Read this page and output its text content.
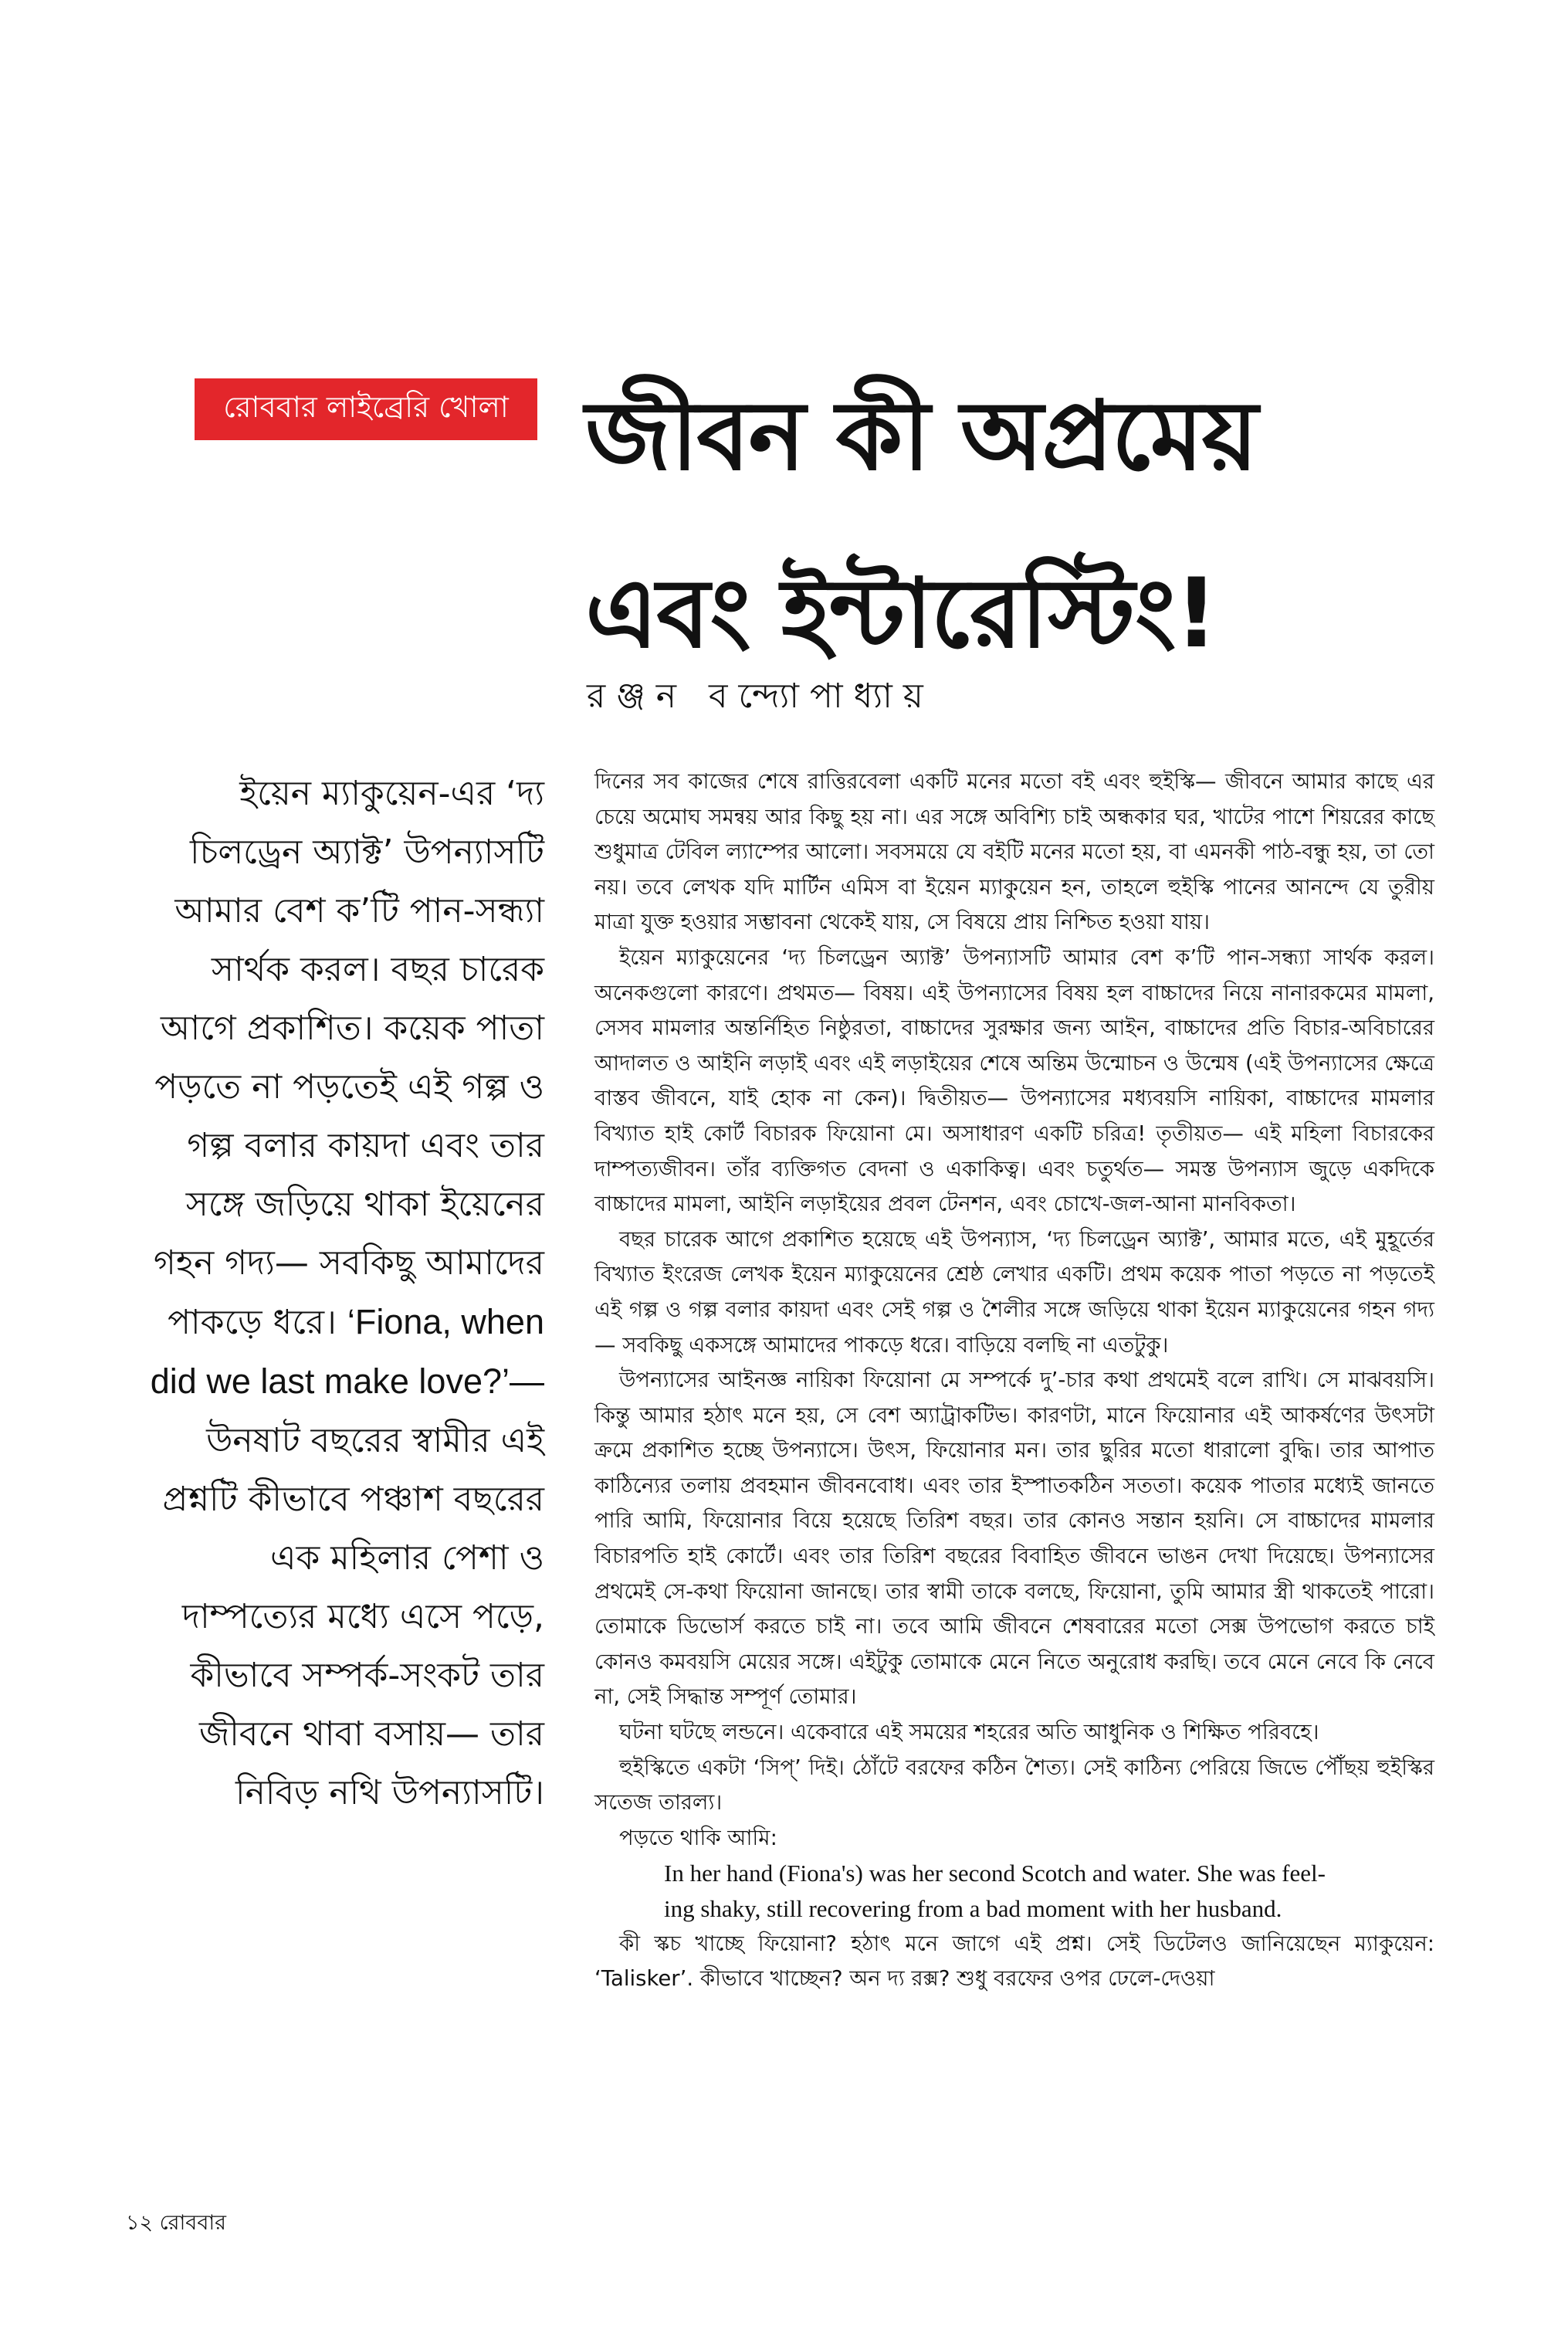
রোববার লাইব্রেরি খোলা জীবন কী অপ্রমেয়
এবং ইন্টারেস্টিং!
রঞ্জন বন্দ্যোপাধ্যায়
ইয়েন ম্যাকুয়েন-এর ‘দ্য চিলড্রেন অ্যাক্ট’ উপন্যাসটি আমার বেশ ক’টি পান-সন্ধ্যা সার্থক করল। বছর চারেক আগে প্রকাশিত। কয়েক পাতা পড়তে না পড়তেই এই গল্প ও গল্প বলার কায়দা এবং তার সঙ্গে জড়িয়ে থাকা ইয়েনের গহন গদ্য— সবকিছু আমাদের পাকড়ে ধরে। ‘Fiona, when did we last make love?’— উনষাট বছরের স্বামীর এই প্রশ্নটি কীভাবে পঞ্চাশ বছরের এক মহিলার পেশা ও দাম্পত্যের মধ্যে এসে পড়ে, কীভাবে সম্পর্ক-সংকট তার জীবনে থাবা বসায়— তার নিবিড় নথি উপন্যাসটি।

দিনের সব কাজের শেষে রাত্তিরবেলা একটি মনের মতো বই এবং হুইস্কি— জীবনে আমার কাছে এর চেয়ে অমোঘ সমন্বয় আর কিছু হয় না। এর সঙ্গে অবিশ্যি চাই অন্ধকার ঘর, খাটের পাশে শিয়রের কাছে শুধুমাত্র টেবিল ল্যাম্পের আলো। সবসময়ে যে বইটি মনের মতো হয়, বা এমনকী পাঠ-বন্ধু হয়, তা তো নয়। তবে লেখক যদি মার্টিন এমিস বা ইয়েন ম্যাকুয়েন হন, তাহলে হুইস্কি পানের আনন্দে যে তুরীয় মাত্রা যুক্ত হওয়ার সম্ভাবনা থেকেই যায়, সে বিষয়ে প্রায় নিশ্চিত হওয়া যায়।

ইয়েন ম্যাকুয়েনের ‘দ্য চিলড্রেন অ্যাক্ট’ উপন্যাসটি আমার বেশ ক’টি পান-সন্ধ্যা সার্থক করল। অনেকগুলো কারণে। প্রথমত— বিষয়। এই উপন্যাসের বিষয় হল বাচ্চাদের নিয়ে নানারকমের মামলা, সেসব মামলার অন্তর্নিহিত নিষ্ঠুরতা, বাচ্চাদের সুরক্ষার জন্য আইন, বাচ্চাদের প্রতি বিচার-অবিচারের আদালত ও আইনি লড়াই এবং এই লড়াইয়ের শেষে অন্তিম উন্মোচন ও উন্মেষ (এই উপন্যাসের ক্ষেত্রে বাস্তব জীবনে, যাই হোক না কেন)। দ্বিতীয়ত— উপন্যাসের মধ্যবয়সি নায়িকা, বাচ্চাদের মামলার বিখ্যাত হাই কোর্ট বিচারক ফিয়োনা মে। অসাধারণ একটি চরিত্র! তৃতীয়ত— এই মহিলা বিচারকের দাম্পত্যজীবন। তাঁর ব্যক্তিগত বেদনা ও একাকিত্ব। এবং চতুর্থত— সমস্ত উপন্যাস জুড়ে একদিকে বাচ্চাদের মামলা, আইনি লড়াইয়ের প্রবল টেনশন, এবং চোখে-জল-আনা মানবিকতা।

বছর চারেক আগে প্রকাশিত হয়েছে এই উপন্যাস, ‘দ্য চিলড্রেন অ্যাক্ট’, আমার মতে, এই মুহূর্তের বিখ্যাত ইংরেজ লেখক ইয়েন ম্যাকুয়েনের শ্রেষ্ঠ লেখার একটি। প্রথম কয়েক পাতা পড়তে না পড়তেই এই গল্প ও গল্প বলার কায়দা এবং সেই গল্প ও শৈলীর সঙ্গে জড়িয়ে থাকা ইয়েন ম্যাকুয়েনের গহন গদ্য— সবকিছু একসঙ্গে আমাদের পাকড়ে ধরে। বাড়িয়ে বলছি না এতটুকু।

উপন্যাসের আইনজ্ঞ নায়িকা ফিয়োনা মে সম্পর্কে দু’-চার কথা প্রথমেই বলে রাখি। সে মাঝবয়সি। কিন্তু আমার হঠাৎ মনে হয়, সে বেশ অ্যাট্রাকটিভ। কারণটা, মানে ফিয়োনার এই আকর্ষণের উৎসটা ক্রমে প্রকাশিত হচ্ছে উপন্যাসে। উৎস, ফিয়োনার মন। তার ছুরির মতো ধারালো বুদ্ধি। তার আপাত কাঠিন্যের তলায় প্রবহমান জীবনবোধ। এবং তার ইস্পাতকঠিন সততা। কয়েক পাতার মধ্যেই জানতে পারি আমি, ফিয়োনার বিয়ে হয়েছে তিরিশ বছর। তার কোনও সন্তান হয়নি। সে বাচ্চাদের মামলার বিচারপতি হাই কোর্টে। এবং তার তিরিশ বছরের বিবাহিত জীবনে ভাঙন দেখা দিয়েছে। উপন্যাসের প্রথমেই সে-কথা ফিয়োনা জানছে। তার স্বামী তাকে বলছে, ফিয়োনা, তুমি আমার স্ত্রী থাকতেই পারো। তোমাকে ডিভোর্স করতে চাই না। তবে আমি জীবনে শেষবারের মতো সেক্স উপভোগ করতে চাই কোনও কমবয়সি মেয়ের সঙ্গে। এইটুকু তোমাকে মেনে নিতে অনুরোধ করছি। তবে মেনে নেবে কি নেবে না, সেই সিদ্ধান্ত সম্পূর্ণ তোমার।

ঘটনা ঘটছে লন্ডনে। একেবারে এই সময়ের শহরের অতি আধুনিক ও শিক্ষিত পরিবহে।

হুইস্কিতে একটা ‘সিপ্’ দিই। ঠোঁটে বরফের কঠিন শৈত্য। সেই কাঠিন্য পেরিয়ে জিভে পৌঁছয় হুইস্কির সতেজ তারল্য।

পড়তে থাকি আমি:

In her hand (Fiona's) was her second Scotch and water. She was feel-
ing shaky, still recovering from a bad moment with her husband.

কী স্কচ খাচ্ছে ফিয়োনা? হঠাৎ মনে জাগে এই প্রশ্ন। সেই ডিটেলও জানিয়েছেন ম্যাকুয়েন: ‘Talisker’. কীভাবে খাচ্ছেন? অন দ্য রক্স? শুধু বরফের ওপর ঢেলে-দেওয়া

১২ রোববার
